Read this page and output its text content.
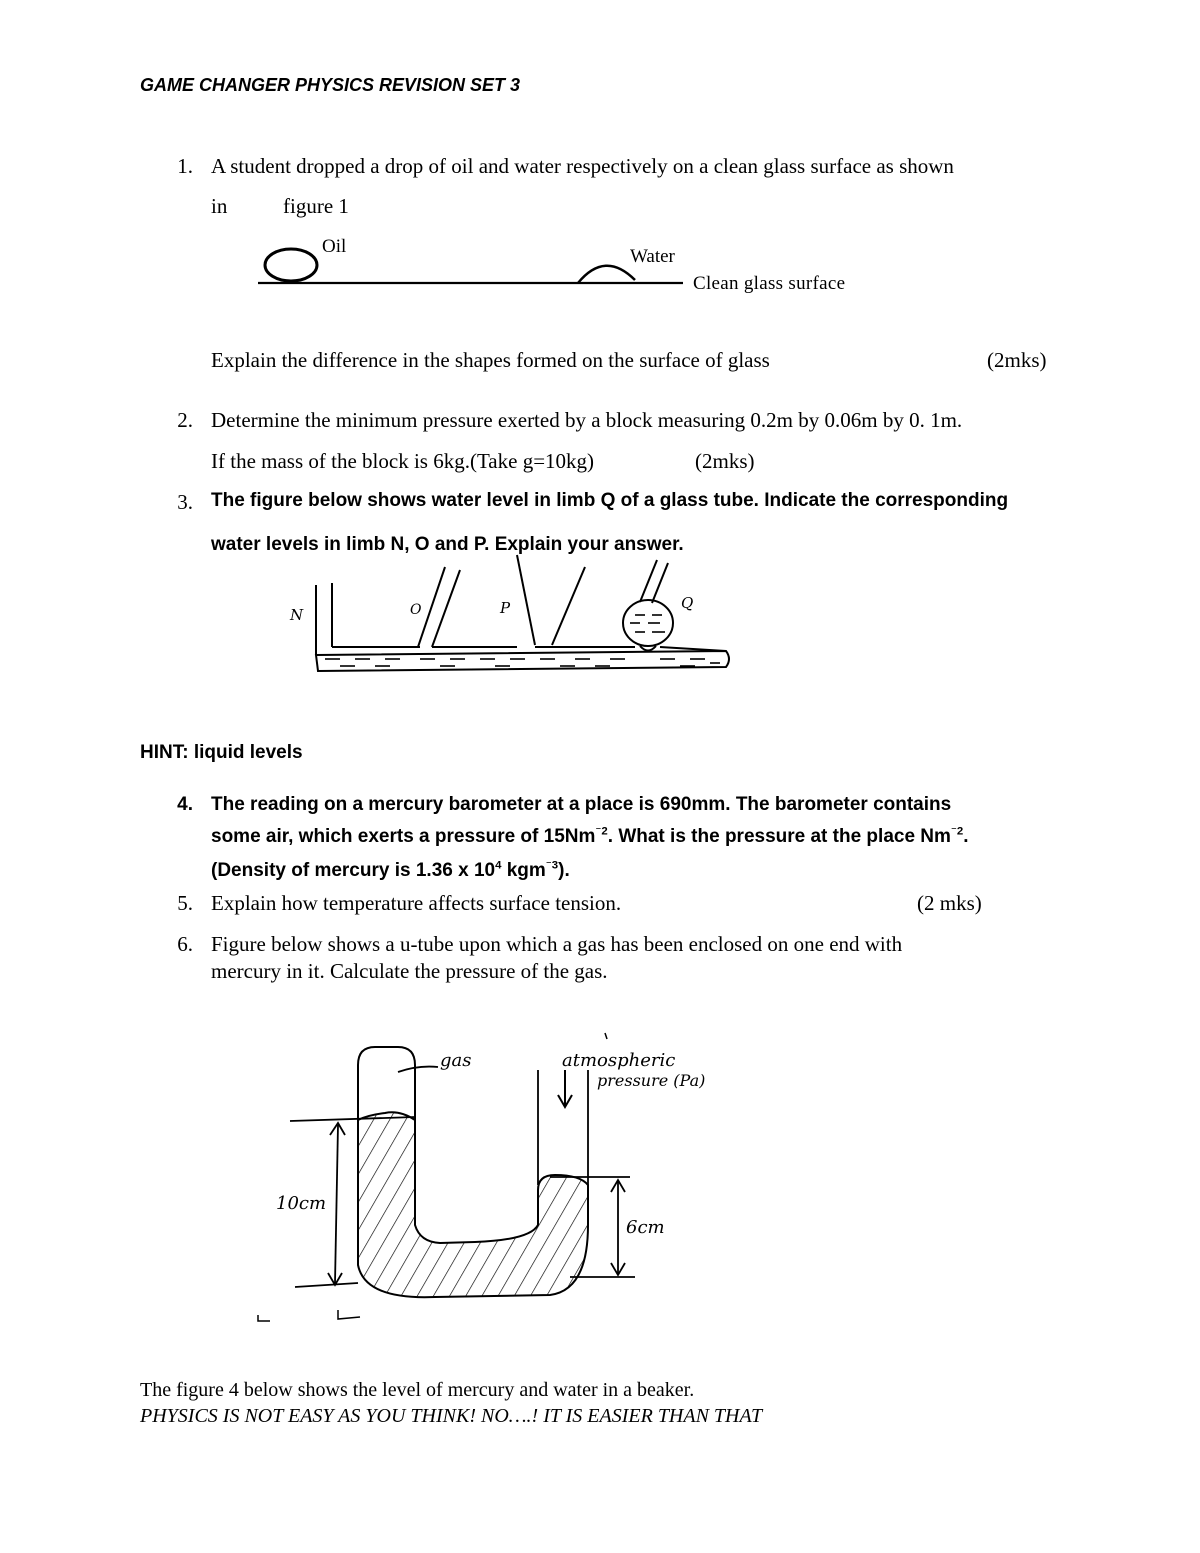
GAME CHANGER PHYSICS REVISION SET 3
1. A student dropped a drop of oil and water respectively on a clean glass surface as shown
in	figure 1
Oil	Water
Clean glass surface
Explain the difference in the shapes formed on the surface of glass	(2mks)
2. Determine the minimum pressure exerted by a block measuring 0.2m by 0.06m by 0. 1m.
If the mass of the block is 6kg.(Take g=10kg)	(2mks)
3. The figure below shows water level in limb Q of a glass tube. Indicate the corresponding
water levels in limb N, O and P. Explain your answer.
N	O	P	Q
HINT: liquid levels
4. The reading on a mercury barometer at a place is 690mm. The barometer contains
some air, which exerts a pressure of $15Nm^{^-2}$. What is the pressure at the place $Nm^{^-2}$.
(Density of mercury is 1.36 x $10^4$ kgm$^{^-3}$).
5. Explain how temperature affects surface tension.	(2 mks)
6. Figure below shows a u-tube upon which a gas has been enclosed on one end with
mercury in it. Calculate the pressure of the gas.
gas	atmospheric
pressure (Pa)
10cm
6cm
The figure 4 below shows the level of mercury and water in a beaker.
PHYSICS IS NOT EASY AS YOU THINK! NO….! IT IS EASIER THAN THAT
